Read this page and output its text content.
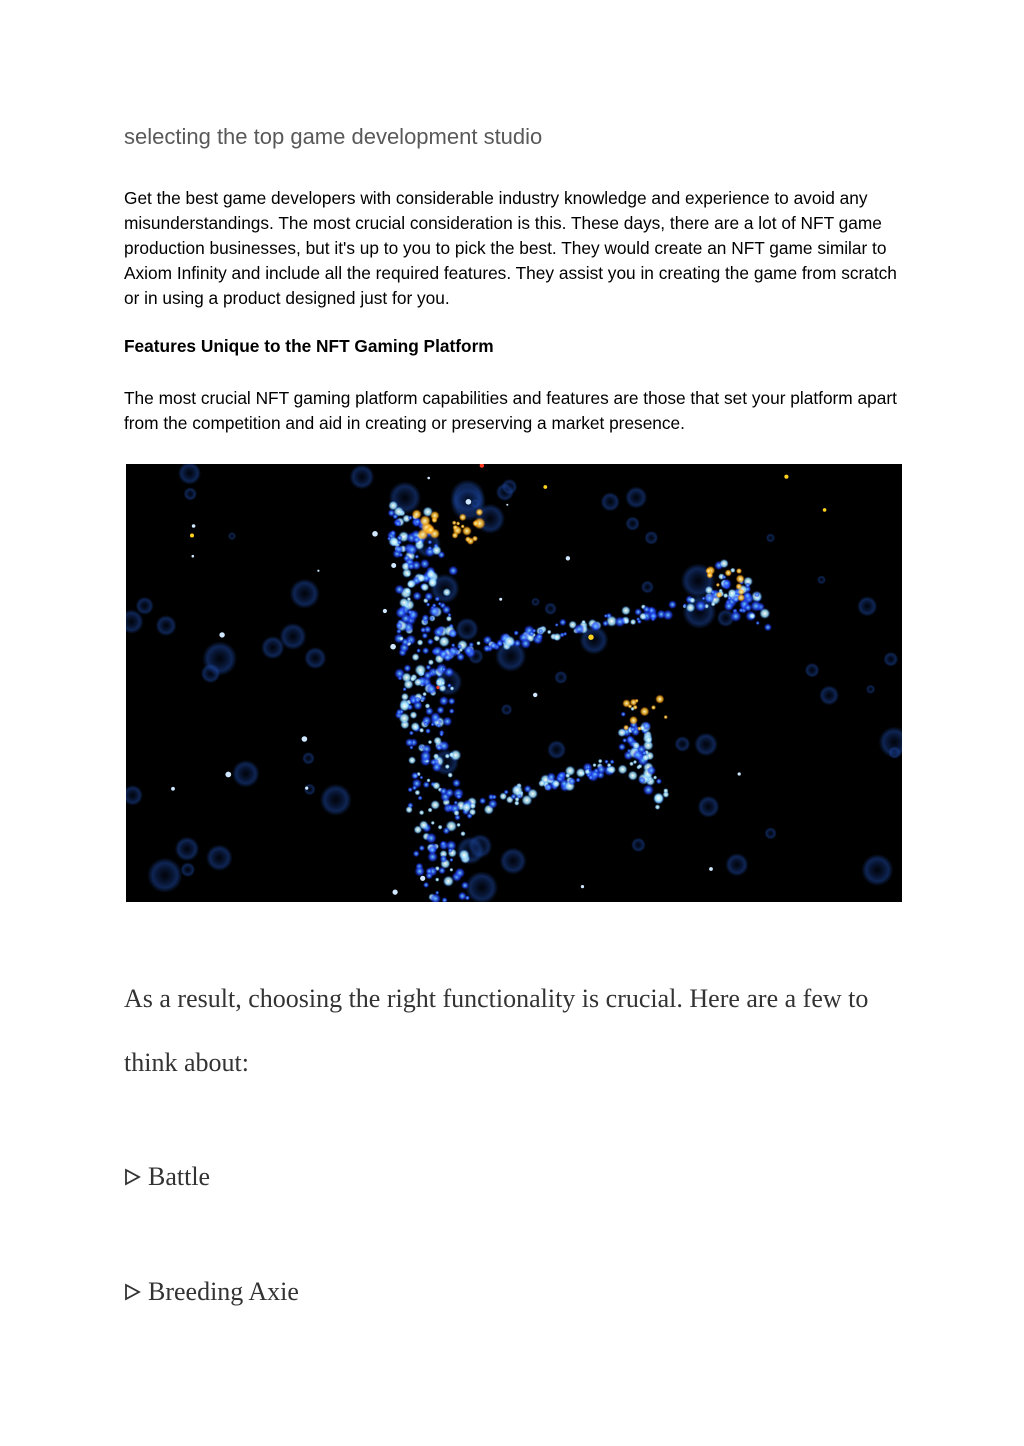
selecting the top game development studio

Get the best game developers with considerable industry knowledge and experience to avoid any misunderstandings. The most crucial consideration is this. These days, there are a lot of NFT game production businesses, but it's up to you to pick the best. They would create an NFT game similar to Axiom Infinity and include all the required features. They assist you in creating the game from scratch or in using a product designed just for you.

Features Unique to the NFT Gaming Platform

The most crucial NFT gaming platform capabilities and features are those that set your platform apart from the competition and aid in creating or preserving a market presence.

As a result, choosing the right functionality is crucial. Here are a few to think about:

Battle
Breeding Axie
